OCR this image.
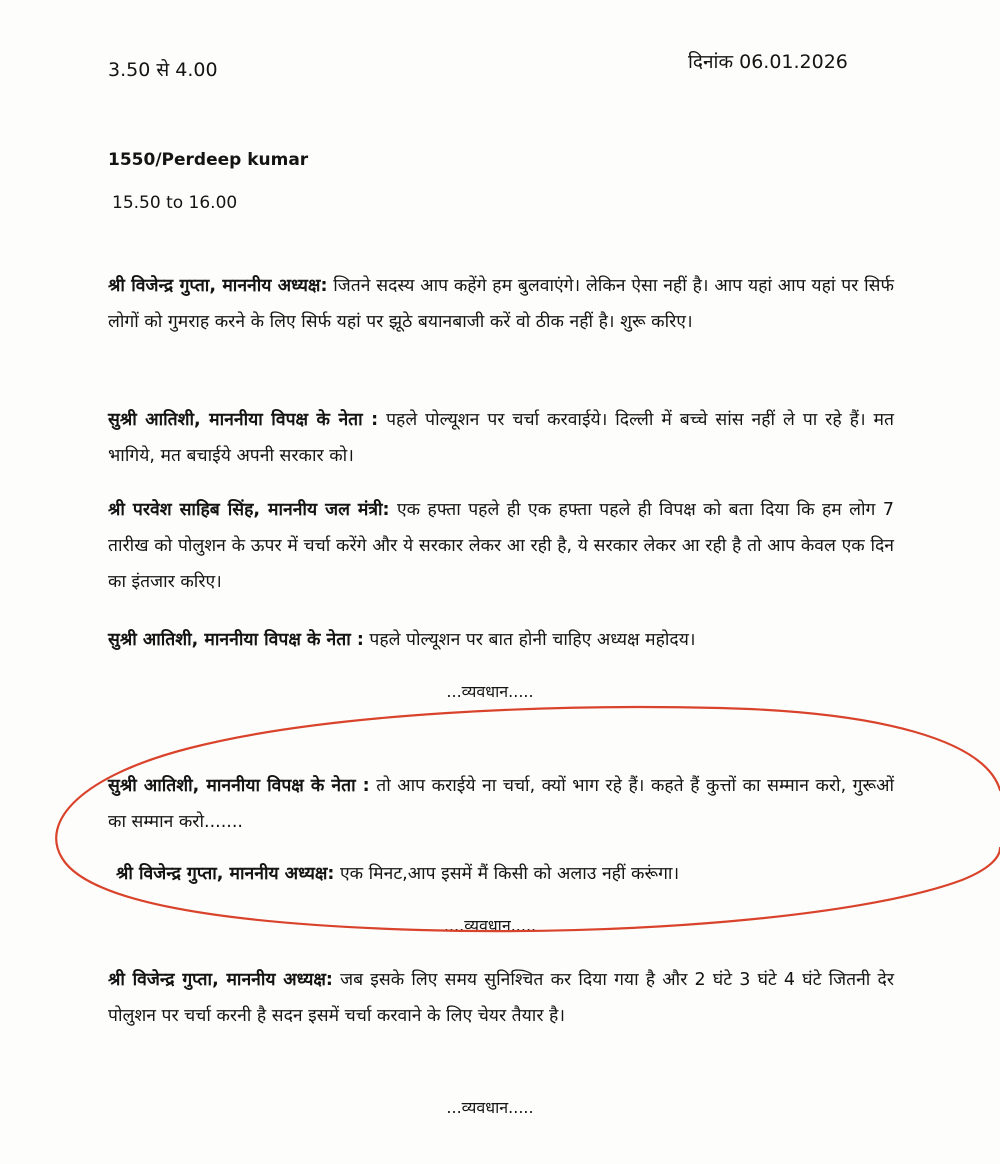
3.50 से 4.00	दिनांक 06.01.2026
1550/Perdeep kumar
15.50 to 16.00
श्री विजेन्द्र गुप्ता, माननीय अध्यक्ष: जितने सदस्य आप कहेंगे हम बुलवाएंगे। लेकिन ऐसा नहीं है। आप यहां आप यहां पर सिर्फ लोगों को गुमराह करने के लिए सिर्फ यहां पर झूठे बयानबाजी करें वो ठीक नहीं है। शुरू करिए।
सुश्री आतिशी, माननीया विपक्ष के नेता : पहले पोल्यूशन पर चर्चा करवाईये। दिल्ली में बच्चे सांस नहीं ले पा रहे हैं। मत भागिये, मत बचाईये अपनी सरकार को।
श्री परवेश साहिब सिंह, माननीय जल मंत्री: एक हफ्ता पहले ही एक हफ्ता पहले ही विपक्ष को बता दिया कि हम लोग 7 तारीख को पोलुशन के ऊपर में चर्चा करेंगे और ये सरकार लेकर आ रही है, ये सरकार लेकर आ रही है तो आप केवल एक दिन का इंतजार करिए।
सुश्री आतिशी, माननीया विपक्ष के नेता : पहले पोल्यूशन पर बात होनी चाहिए अध्यक्ष महोदय।
...व्यवधान.....
सुश्री आतिशी, माननीया विपक्ष के नेता : तो आप कराईये ना चर्चा, क्यों भाग रहे हैं। कहते हैं कुत्तों का सम्मान करो, गुरूओं का सम्मान करो.......
श्री विजेन्द्र गुप्ता, माननीय अध्यक्ष: एक मिनट,आप इसमें मैं किसी को अलाउ नहीं करूंगा।
....व्यवधान.....
श्री विजेन्द्र गुप्ता, माननीय अध्यक्ष: जब इसके लिए समय सुनिश्चित कर दिया गया है और 2 घंटे 3 घंटे 4 घंटे जितनी देर पोलुशन पर चर्चा करनी है सदन इसमें चर्चा करवाने के लिए चेयर तैयार है।
...व्यवधान.....
